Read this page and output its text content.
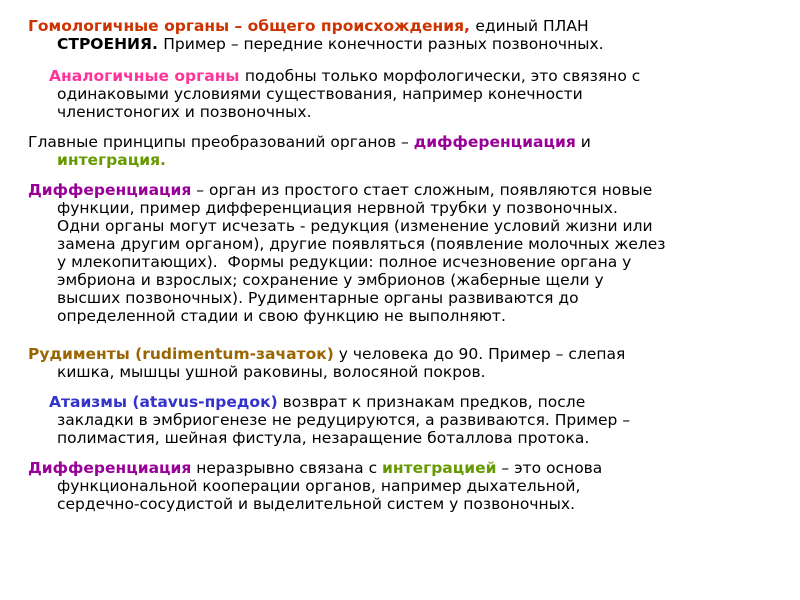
Гомологичные органы – общего происхождения, единый ПЛАН
СТРОЕНИЯ. Пример – передние конечности разных позвоночных.
Аналогичные органы подобны только морфологически, это связяно с
одинаковыми условиями существования, например конечности
членистоногих и позвоночных.
Главные принципы преобразований органов – дифференциация и
интеграция.
Дифференциация – орган из простого стает сложным, появляются новые
функции, пример дифференциация нервной трубки у позвоночных.
Одни органы могут исчезать - редукция (изменение условий жизни или
замена другим органом), другие появляться (появление молочных желез
у млекопитающих).  Формы редукции: полное исчезновение органа у
эмбриона и взрослых; сохранение у эмбрионов (жаберные щели у
высших позвоночных). Рудиментарные органы развиваются до
определенной стадии и свою функцию не выполняют.
Рудименты (rudimentum-зачаток) у человека до 90. Пример – слепая
кишка, мышцы ушной раковины, волосяной покров.
Атаизмы (atavus-предок) возврат к признакам предков, после
закладки в эмбриогенезе не редуцируются, а развиваются. Пример –
полимастия, шейная фистула, незаращение боталлова протока.
Дифференциация неразрывно связана с интеграцией – это основа
функциональной кооперации органов, например дыхательной,
сердечно-сосудистой и выделительной систем у позвоночных.
